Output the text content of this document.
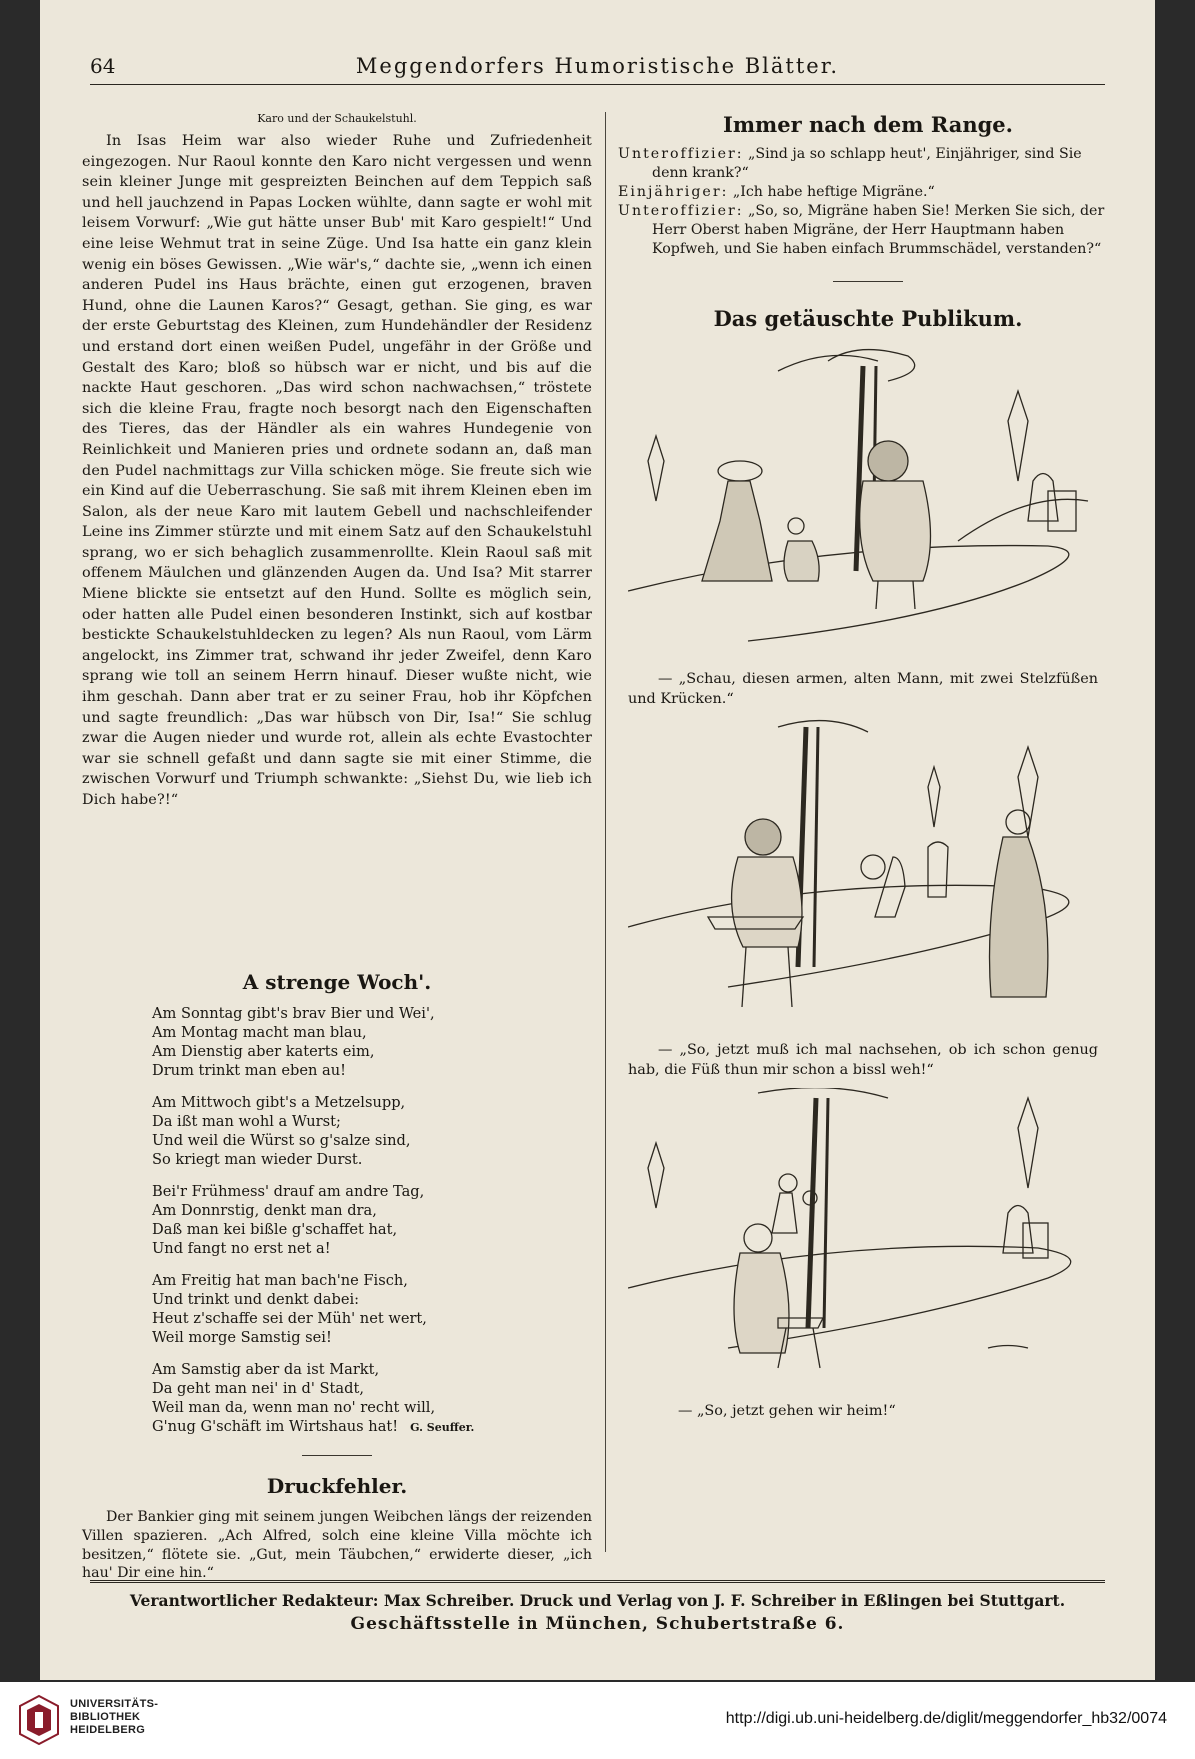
64	Meggendorfers Humoristische Blätter.
Karo und der Schaukelstuhl.

In Isas Heim war also wieder Ruhe und Zufriedenheit eingezogen. Nur Raoul konnte den Karo nicht vergessen und wenn sein kleiner Junge mit gespreizten Beinchen auf dem Teppich saß und hell jauchzend in Papas Locken wühlte, dann sagte er wohl mit leisem Vorwurf: „Wie gut hätte unser Bub' mit Karo gespielt!“ Und eine leise Wehmut trat in seine Züge. Und Isa hatte ein ganz klein wenig ein böses Gewissen. „Wie wär's,“ dachte sie, „wenn ich einen anderen Pudel ins Haus brächte, einen gut erzogenen, braven Hund, ohne die Launen Karos?“ Gesagt, gethan. Sie ging, es war der erste Geburtstag des Kleinen, zum Hundehändler der Residenz und erstand dort einen weißen Pudel, ungefähr in der Größe und Gestalt des Karo; bloß so hübsch war er nicht, und bis auf die nackte Haut geschoren. „Das wird schon nachwachsen,“ tröstete sich die kleine Frau, fragte noch besorgt nach den Eigenschaften des Tieres, das der Händler als ein wahres Hundegenie von Reinlichkeit und Manieren pries und ordnete sodann an, daß man den Pudel nachmittags zur Villa schicken möge. Sie freute sich wie ein Kind auf die Ueberraschung. Sie saß mit ihrem Kleinen eben im Salon, als der neue Karo mit lautem Gebell und nachschleifender Leine ins Zimmer stürzte und mit einem Satz auf den Schaukelstuhl sprang, wo er sich behaglich zusammenrollte. Klein Raoul saß mit offenem Mäulchen und glänzenden Augen da. Und Isa? Mit starrer Miene blickte sie entsetzt auf den Hund. Sollte es möglich sein, oder hatten alle Pudel einen besonderen Instinkt, sich auf kostbar bestickte Schaukelstuhldecken zu legen? Als nun Raoul, vom Lärm angelockt, ins Zimmer trat, schwand ihr jeder Zweifel, denn Karo sprang wie toll an seinem Herrn hinauf. Dieser wußte nicht, wie ihm geschah. Dann aber trat er zu seiner Frau, hob ihr Köpfchen und sagte freundlich: „Das war hübsch von Dir, Isa!“ Sie schlug zwar die Augen nieder und wurde rot, allein als echte Evastochter war sie schnell gefaßt und dann sagte sie mit einer Stimme, die zwischen Vorwurf und Triumph schwankte: „Siehst Du, wie lieb ich Dich habe?!“

A strenge Woch'.
Am Sonntag gibt's brav Bier und Wei',
Am Montag macht man blau,
Am Dienstig aber katerts eim,
Drum trinkt man eben au!
Am Mittwoch gibt's a Metzelsupp,
Da ißt man wohl a Wurst;
Und weil die Würst so g'salze sind,
So kriegt man wieder Durst.
Bei'r Frühmess' drauf am andre Tag,
Am Donnrstig, denkt man dra,
Daß man kei bißle g'schaffet hat,
Und fangt no erst net a!
Am Freitig hat man bach'ne Fisch,
Und trinkt und denkt dabei:
Heut z'schaffe sei der Müh' net wert,
Weil morge Samstig sei!
Am Samstig aber da ist Markt,
Da geht man nei' in d' Stadt,
Weil man da, wenn man no' recht will,
G'nug G'schäft im Wirtshaus hat! G. Seuffer.
Druckfehler.

Der Bankier ging mit seinem jungen Weibchen längs der reizenden Villen spazieren. „Ach Alfred, solch eine kleine Villa möchte ich besitzen,“ flötete sie. „Gut, mein Täubchen,“ erwiderte dieser, „ich hau' Dir eine hin.“

Immer nach dem Range.
Unteroffizier: „Sind ja so schlapp heut', Einjähriger, sind Sie denn krank?“
Einjähriger: „Ich habe heftige Migräne.“
Unteroffizier: „So, so, Migräne haben Sie! Merken Sie sich, der Herr Oberst haben Migräne, der Herr Hauptmann haben Kopfweh, und Sie haben einfach Brummschädel, verstanden?“
Das getäuschte Publikum.

— „Schau, diesen armen, alten Mann, mit zwei Stelzfüßen und Krücken.“

— „So, jetzt muß ich mal nachsehen, ob ich schon genug hab, die Füß thun mir schon a bissl weh!“

— „So, jetzt gehen wir heim!“

Verantwortlicher Redakteur: Max Schreiber. Druck und Verlag von J. F. Schreiber in Eßlingen bei Stuttgart.
Geschäftsstelle in München, Schubertstraße 6.
UNIVERSITÄTS-
BIBLIOTHEK
HEIDELBERG
http://digi.ub.uni-heidelberg.de/diglit/meggendorfer_hb32/0074
